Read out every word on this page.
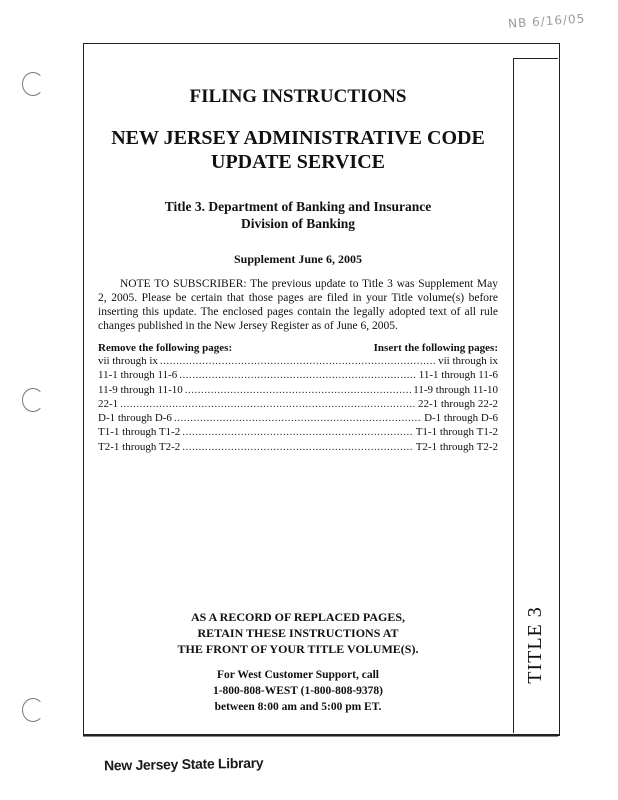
NB 6/16/05
TITLE 3
FILING INSTRUCTIONS
NEW JERSEY ADMINISTRATIVE CODE
UPDATE SERVICE
Title 3. Department of Banking and Insurance
Division of Banking
Supplement June 6, 2005
NOTE TO SUBSCRIBER: The previous update to Title 3 was Supplement May 2, 2005. Please be certain that those pages are filed in your Title volume(s) before inserting this update. The enclosed pages contain the legally adopted text of all rule changes published in the New Jersey Register as of June 6, 2005.
Remove the following pages:	Insert the following pages:
vii through ix .....	vii through ix
11-1 through 11-6 .....	11-1 through 11-6
11-9 through 11-10 .....	11-9 through 11-10
22-1 .....	22-1 through 22-2
D-1 through D-6 .....	D-1 through D-6
T1-1 through T1-2 .....	T1-1 through T1-2
T2-1 through T2-2 .....	T2-1 through T2-2
AS A RECORD OF REPLACED PAGES,
RETAIN THESE INSTRUCTIONS AT
THE FRONT OF YOUR TITLE VOLUME(S).
For West Customer Support, call
1-800-808-WEST (1-800-808-9378)
between 8:00 am and 5:00 pm ET.
New Jersey State Library
